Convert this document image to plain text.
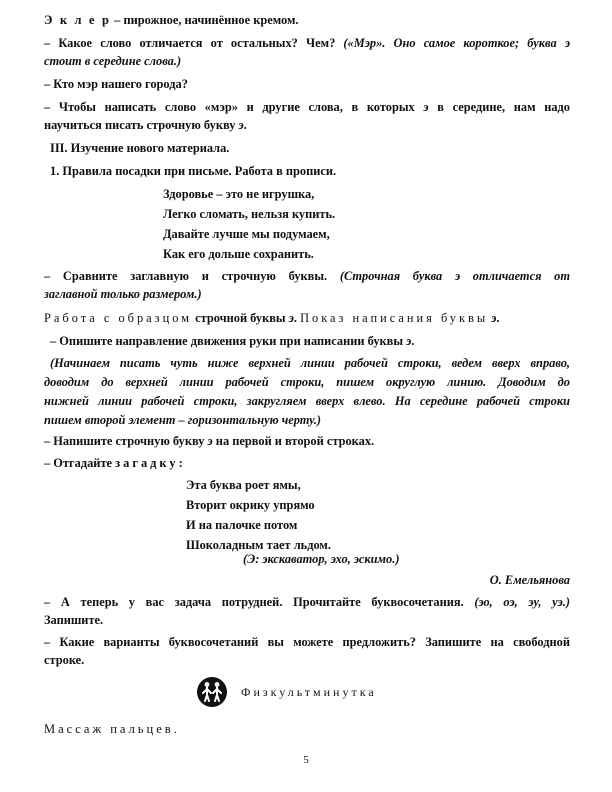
Э к л е р – пирожное, начинённое кремом.
– Какое слово отличается от остальных? Чем? («Мэр». Оно самое короткое; буква э
стоит в середине слова.)
– Кто мэр нашего города?
– Чтобы написать слово «мэр» и другие слова, в которых э в середине, нам надо
научиться писать строчную букву э.
III. Изучение нового материала.
1. Правила посадки при письме. Работа в прописи.
Здоровье – это не игрушка,
Легко сломать, нельзя купить.
Давайте лучше мы подумаем,
Как его дольше сохранить.
– Сравните заглавную и строчную буквы. (Строчная буква э отличается от
заглавной только размером.)
Работа с образцом строчной буквы э. Показ написания буквы э.
– Опишите направление движения руки при написании буквы э.
(Начинаем писать чуть ниже верхней линии рабочей строки, ведем вверх вправо,
доводим до верхней линии рабочей строки, пишем округлую линию. Доводим до
нижней линии рабочей строки, закругляем вверх влево. На середине рабочей строки
пишем второй элемент – горизонтальную черту.)
– Напишите строчную букву э на первой и второй строках.
– Отгадайте загадку:
Эта буква роет ямы,
Вторит окрику упрямо
И на палочке потом
Шоколадным тает льдом.
(Э: экскаватор, эхо, эскимо.)
О. Емельянова
– А теперь у вас задача потрудней. Прочитайте буквосочетания. (эо, оэ, эу, уэ.)
Запишите.
– Какие варианты буквосочетаний вы можете предложить? Запишите на свободной
строке.
Физкультминутка
Массаж пальцев.
5
